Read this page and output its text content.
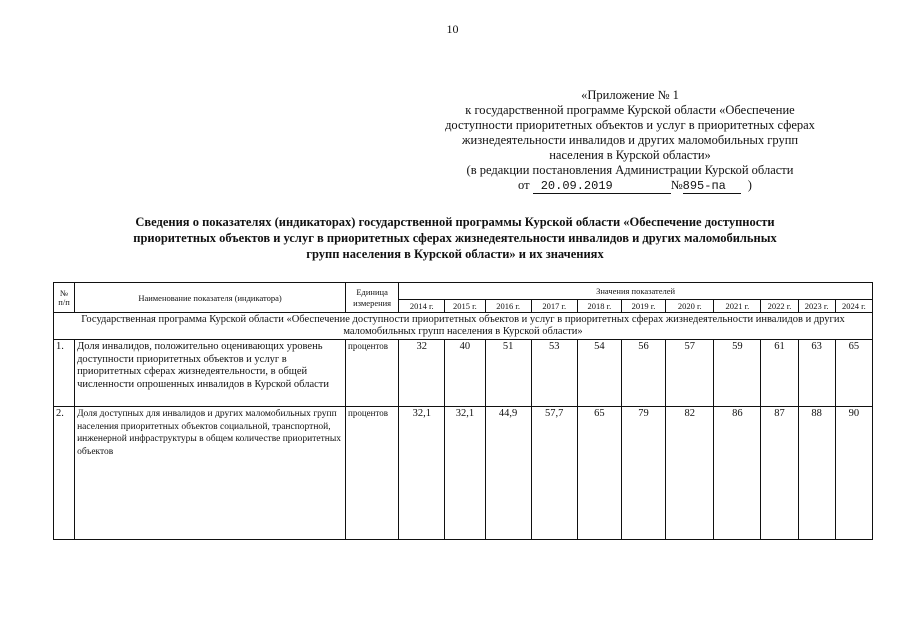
10
«Приложение № 1
к государственной программе Курской области «Обеспечение
доступности приоритетных объектов и услуг в приоритетных сферах
жизнедеятельности инвалидов и других маломобильных групп
населения в Курской области»
(в редакции постановления Администрации Курской области
от 20.09.2019	№895-па )
Сведения о показателях (индикаторах) государственной программы Курской области «Обеспечение доступности
приоритетных объектов и услуг в приоритетных сферах жизнедеятельности инвалидов и других маломобильных
групп населения в Курской области» и их значениях
№ п/п	Наименование показателя (индикатора)	Единица измерения	Значения показателей										
			2014 г.	2015 г.	2016 г.	2017 г.	2018 г.	2019 г.	2020 г.	2021 г.	2022 г.	2023 г.	2024 г.
Государственная программа Курской области «Обеспечение доступности приоритетных объектов и услуг в приоритетных сферах жизнедеятельности инвалидов и других маломобильных групп населения в Курской области»													
1.	Доля инвалидов, положительно оценивающих уровень доступности приоритетных объектов и услуг в приоритетных сферах жизнедеятельности, в общей численности опрошенных инвалидов в Курской области	процентов	32	40	51	53	54	56	57	59	61	63	65
2.	Доля доступных для инвалидов и других маломобильных групп населения приоритетных объектов социальной, транспортной, инженерной инфраструктуры в общем количестве приоритетных объектов	процентов	32,1	32,1	44,9	57,7	65	79	82	86	87	88	90
